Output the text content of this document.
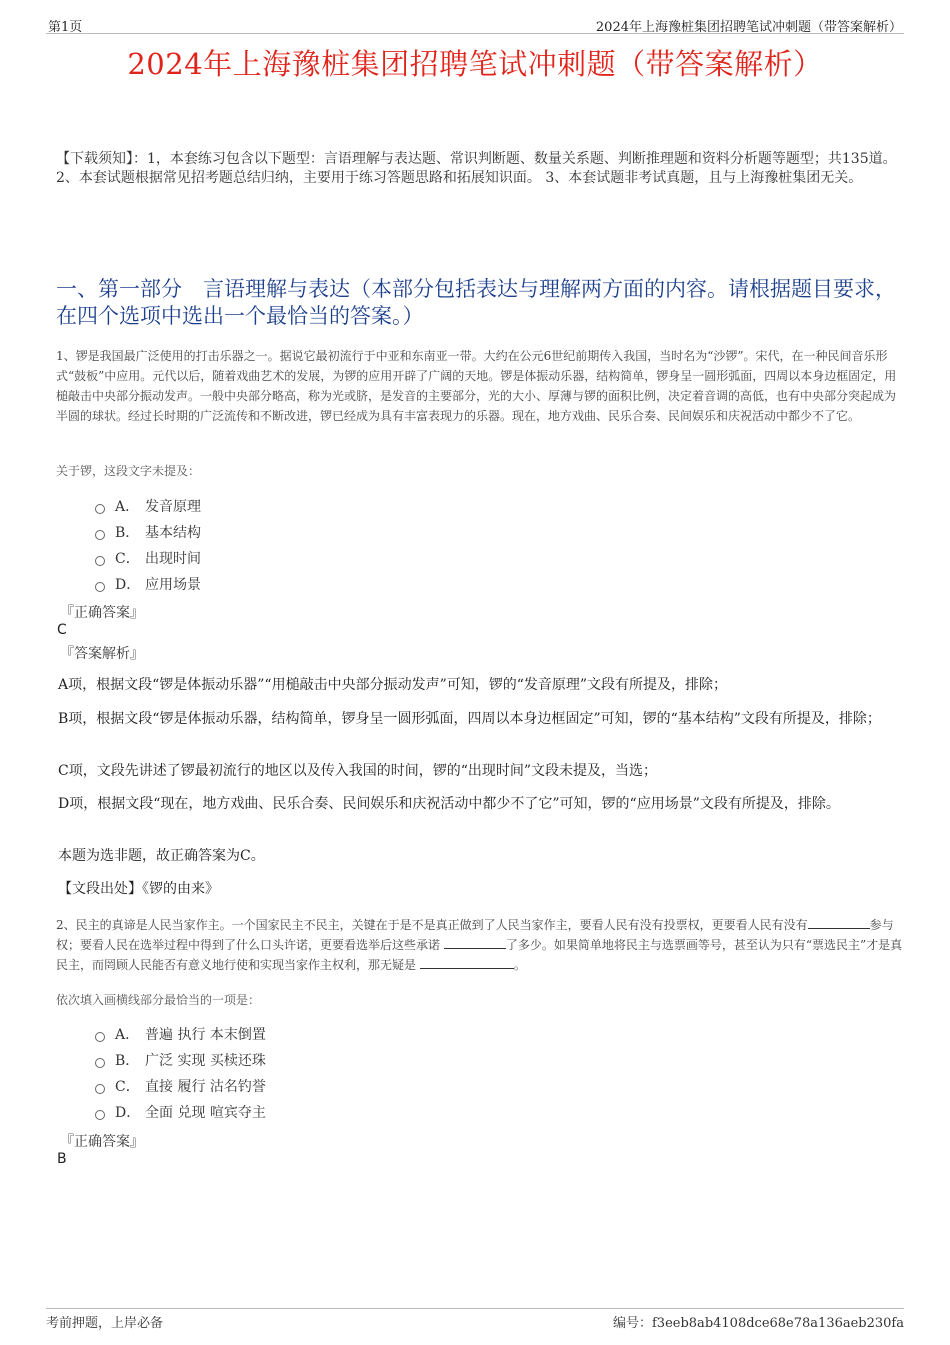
第1页	2024年上海豫桩集团招聘笔试冲刺题（带答案解析）
2024年上海豫桩集团招聘笔试冲刺题（带答案解析）
【下载须知】：1，本套练习包含以下题型：言语理解与表达题、常识判断题、数量关系题、判断推理题和资料分析题等题型；共135道。 2、本套试题根据常见招考题总结归纳，主要用于练习答题思路和拓展知识面。 3、本套试题非考试真题，且与上海豫桩集团无关。
一、第一部分　言语理解与表达（本部分包括表达与理解两方面的内容。请根据题目要求，在四个选项中选出一个最恰当的答案。）
1、锣是我国最广泛使用的打击乐器之一。据说它最初流行于中亚和东南亚一带。大约在公元6世纪前期传入我国，当时名为“沙锣”。宋代，在一种民间音乐形式“鼓板”中应用。元代以后，随着戏曲艺术的发展，为锣的应用开辟了广阔的天地。锣是体振动乐器，结构简单，锣身呈一圆形弧面，四周以本身边框固定，用槌敲击中央部分振动发声。一般中央部分略高，称为光或脐，是发音的主要部分，光的大小、厚薄与锣的面积比例，决定着音调的高低，也有中央部分突起成为半圆的球状。经过长时期的广泛流传和不断改进，锣已经成为具有丰富表现力的乐器。现在，地方戏曲、民乐合奏、民间娱乐和庆祝活动中都少不了它。
关于锣，这段文字未提及：
A． 发音原理
B． 基本结构
C． 出现时间
D． 应用场景
『正确答案』
C
『答案解析』
A项，根据文段“锣是体振动乐器”“用槌敲击中央部分振动发声”可知，锣的“发音原理”文段有所提及，排除；
B项，根据文段“锣是体振动乐器，结构简单，锣身呈一圆形弧面，四周以本身边框固定”可知，锣的“基本结构”文段有所提及，排除；
C项，文段先讲述了锣最初流行的地区以及传入我国的时间，锣的“出现时间”文段未提及，当选；
D项，根据文段“现在，地方戏曲、民乐合奏、民间娱乐和庆祝活动中都少不了它”可知，锣的“应用场景”文段有所提及，排除。
本题为选非题，故正确答案为C。
【文段出处】《锣的由来》
2、民主的真谛是人民当家作主。一个国家民主不民主，关键在于是不是真正做到了人民当家作主，要看人民有没有投票权，更要看人民有没有	参与权；要看人民在选举过程中得到了什么口头许诺，更要看选举后这些承诺	了多少。如果简单地将民主与选票画等号，甚至认为只有“票选民主”才是真民主，而罔顾人民能否有意义地行使和实现当家作主权利，那无疑是	。
依次填入画横线部分最恰当的一项是：
A． 普遍 执行 本末倒置
B． 广泛 实现 买椟还珠
C． 直接 履行 沽名钓誉
D． 全面 兑现 喧宾夺主
『正确答案』
B
考前押题，上岸必备	编号：f3eeb8ab4108dce68e78a136aeb230fa
